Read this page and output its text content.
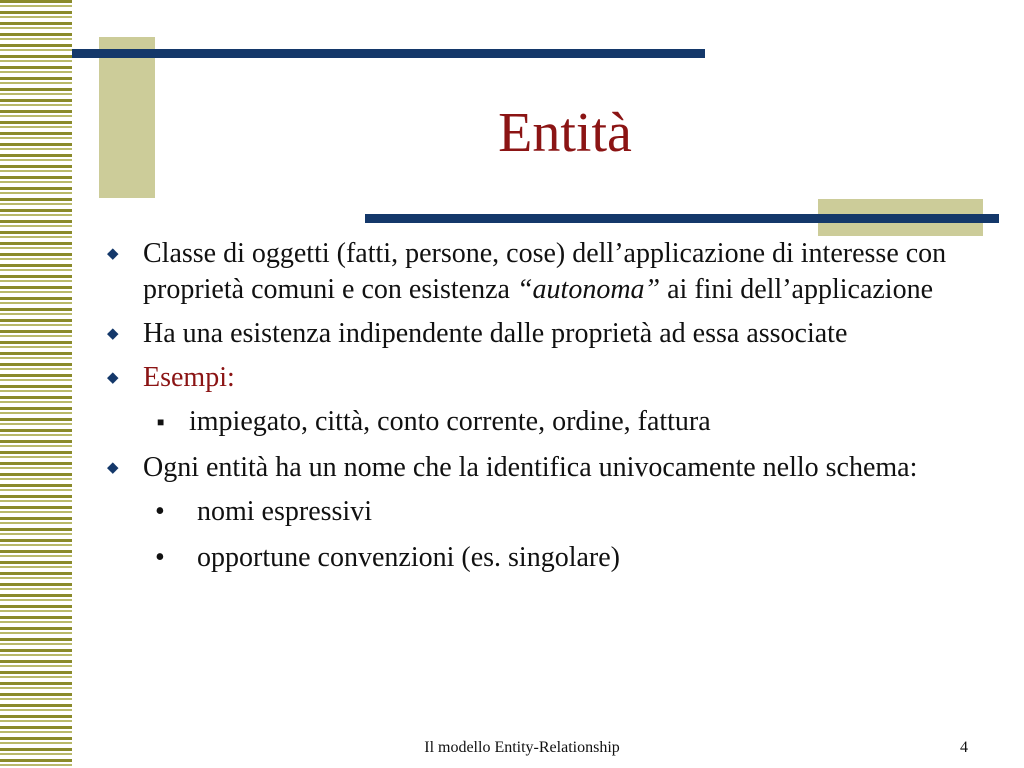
Entità
◆ Classe di oggetti (fatti, persone, cose) dell’applicazione di interesse con proprietà comuni e con esistenza “autonoma” ai fini dell’applicazione
◆ Ha una esistenza indipendente dalle proprietà ad essa associate
◆ Esempi:
■ impiegato, città, conto corrente, ordine, fattura
◆ Ogni entità ha un nome che la identifica univocamente nello schema:
• nomi espressivi
• opportune convenzioni (es. singolare)
Il modello Entity-Relationship	4
